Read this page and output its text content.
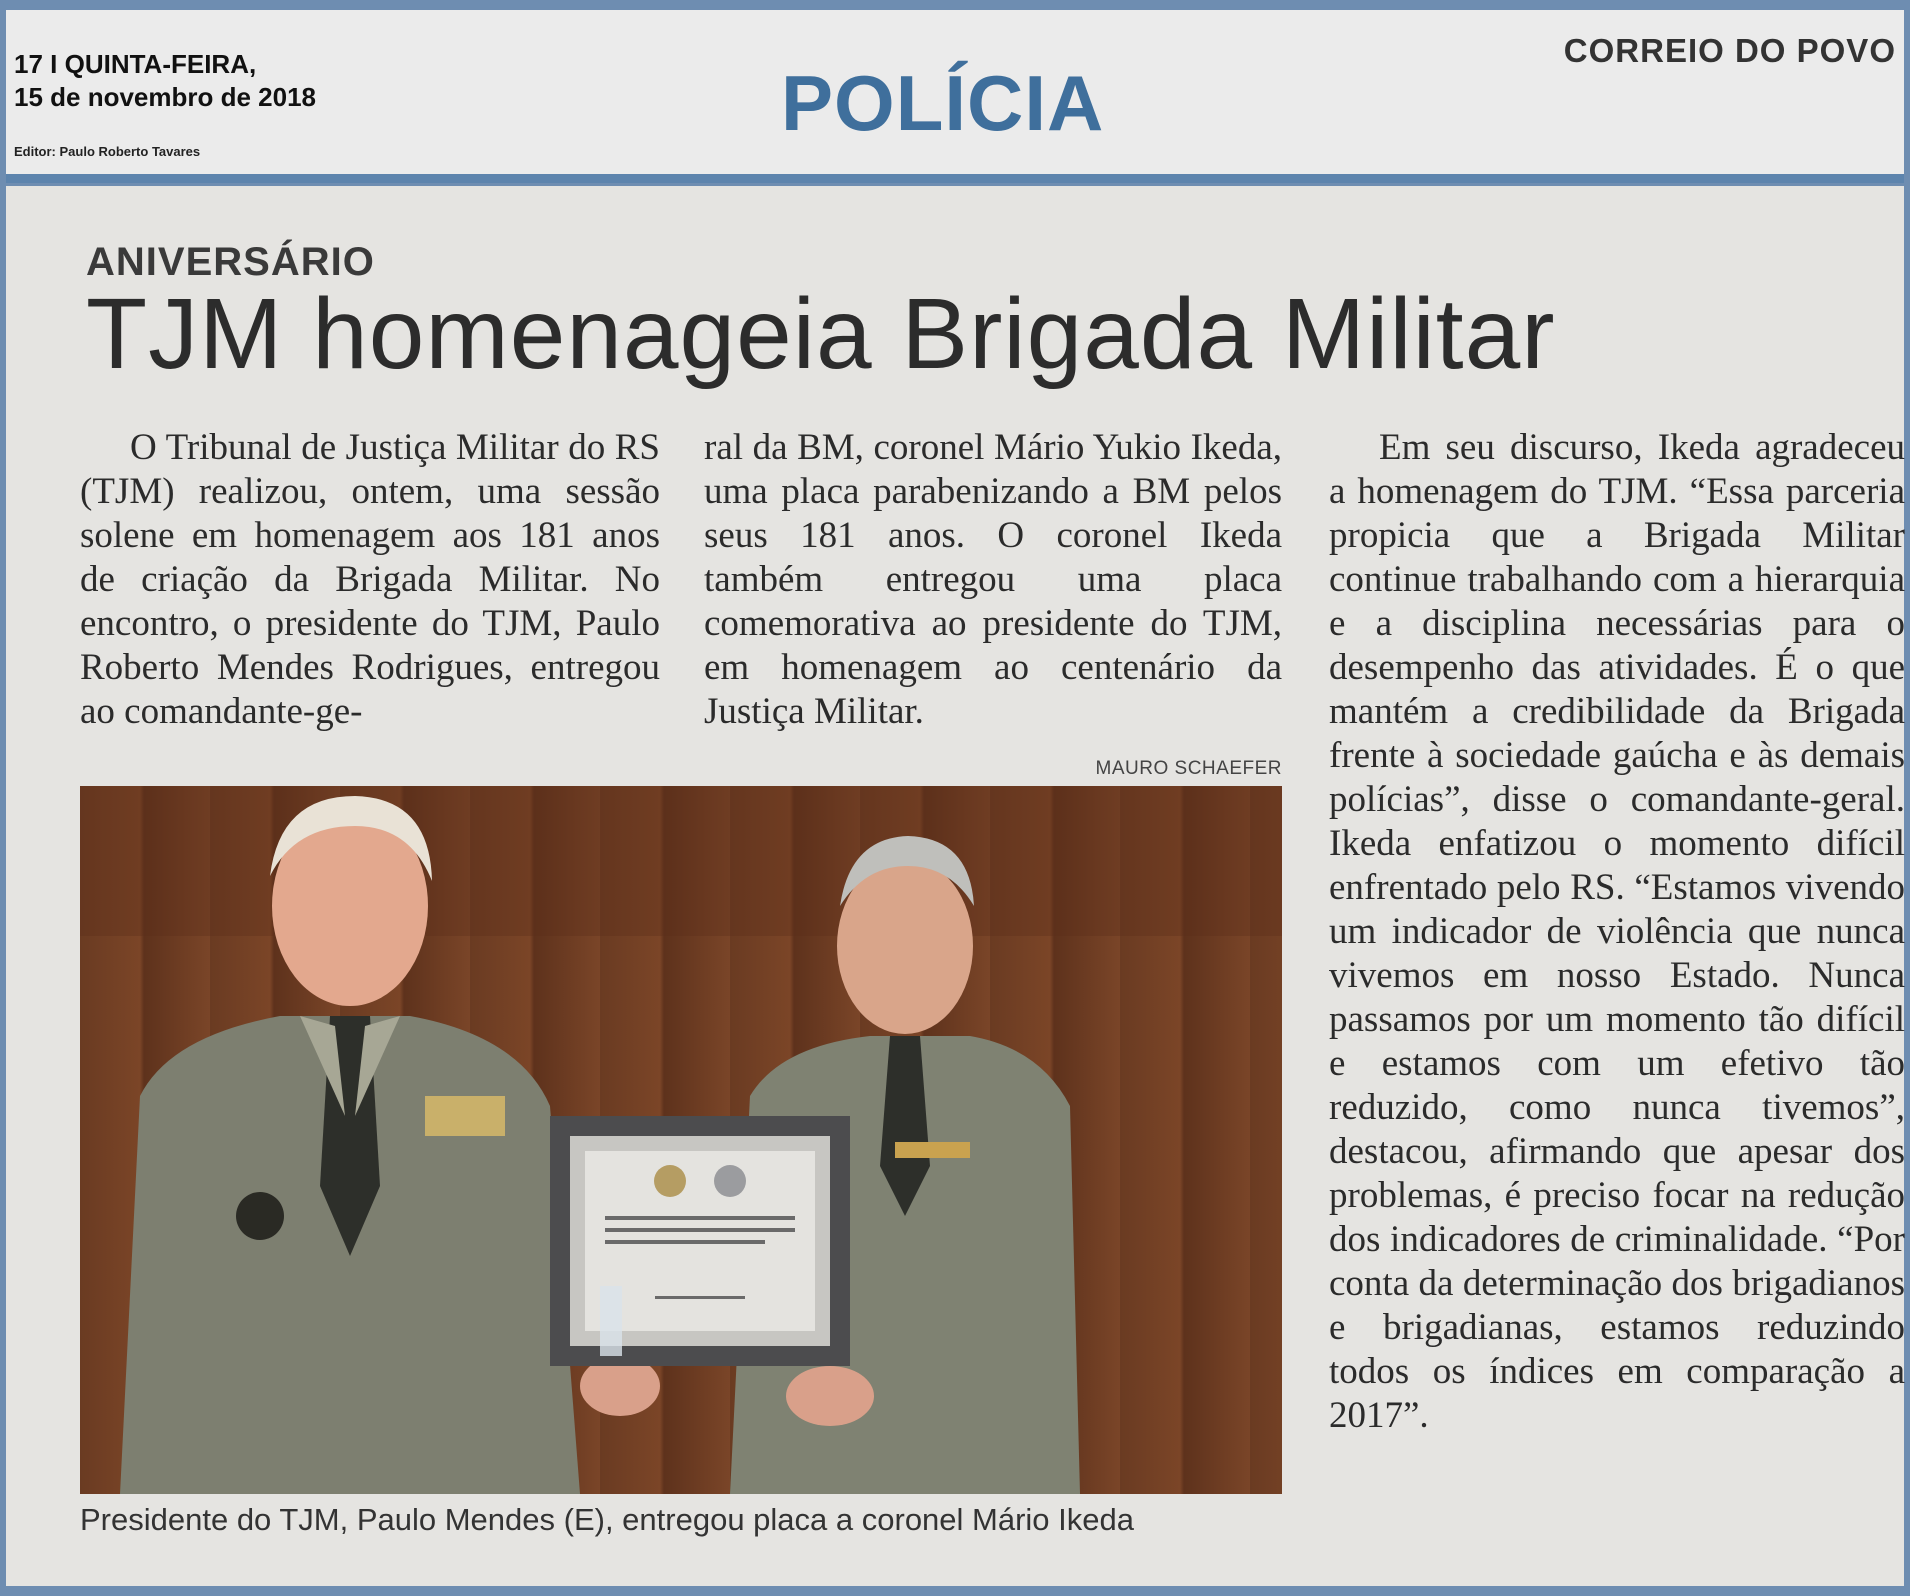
17 I QUINTA-FEIRA,
15 de novembro de 2018
Editor: Paulo Roberto Tavares
POLÍCIA
CORREIO DO POVO
ANIVERSÁRIO
TJM homenageia Brigada Militar
O Tribunal de Justiça Militar do RS (TJM) realizou, ontem, uma sessão solene em homenagem aos 181 anos de criação da Brigada Militar. No encontro, o presidente do TJM, Paulo Roberto Mendes Rodrigues, entregou ao comandante-ge-
ral da BM, coronel Mário Yukio Ikeda, uma placa parabenizando a BM pelos seus 181 anos. O coronel Ikeda também entregou uma placa comemorativa ao presidente do TJM, em homenagem ao centenário da Justiça Militar.
Em seu discurso, Ikeda agradeceu a homenagem do TJM. “Essa parceria propicia que a Brigada Militar continue trabalhando com a hierarquia e a disciplina necessárias para o desempenho das atividades. É o que mantém a credibilidade da Brigada frente à sociedade gaúcha e às demais polícias”, disse o comandante-geral. Ikeda enfatizou o momento difícil enfrentado pelo RS. “Estamos vivendo um indicador de violência que nunca vivemos em nosso Estado. Nunca passamos por um momento tão difícil e estamos com um efetivo tão reduzido, como nunca tivemos”, destacou, afirmando que apesar dos problemas, é preciso focar na redução dos indicadores de criminalidade. “Por conta da determinação dos brigadianos e brigadianas, estamos reduzindo todos os índices em comparação a 2017”.
MAURO SCHAEFER
Presidente do TJM, Paulo Mendes (E), entregou placa a coronel Mário Ikeda
